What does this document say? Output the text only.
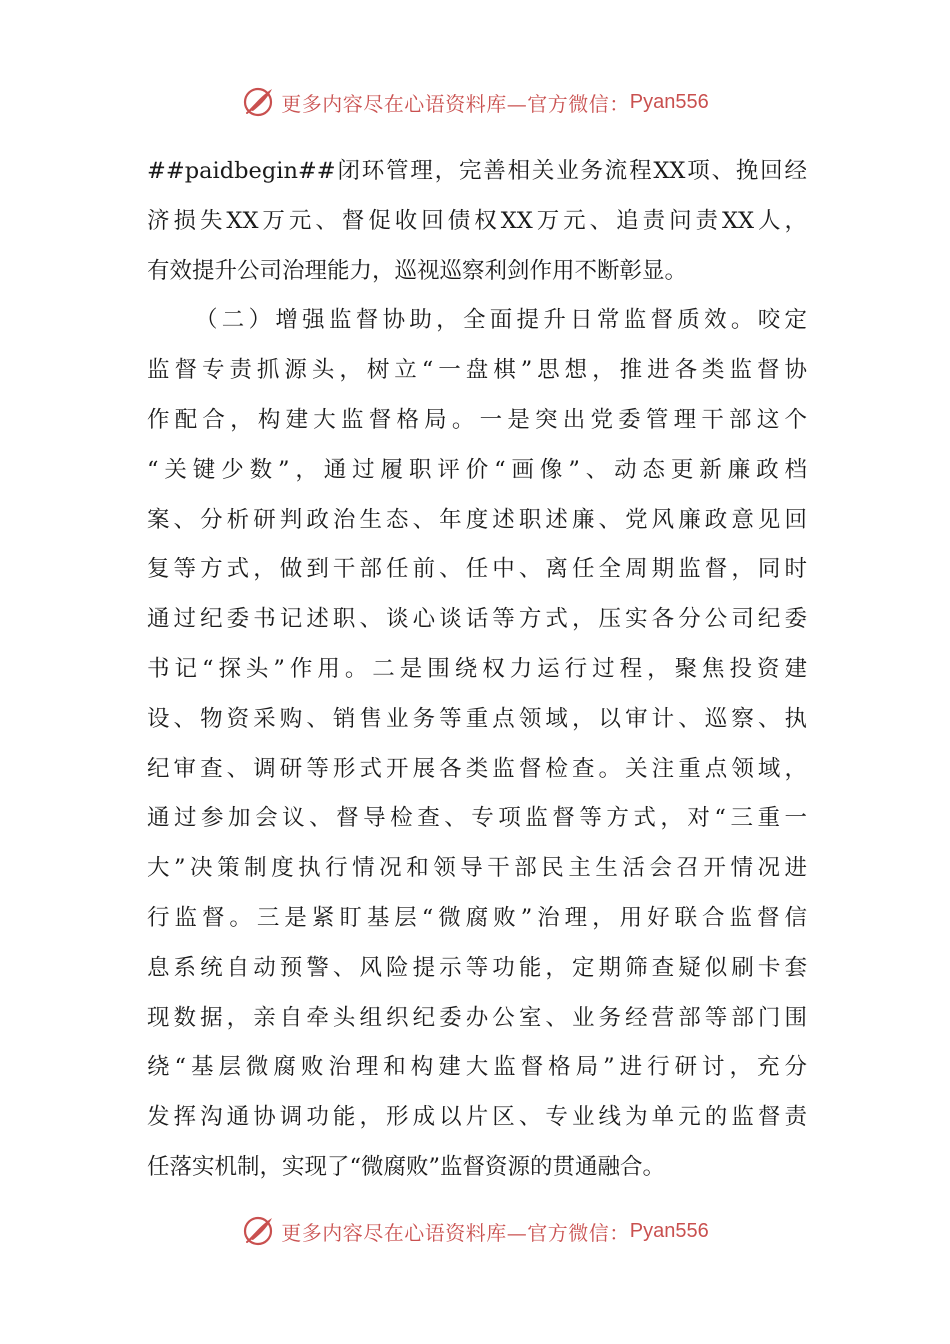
更多内容尽在心语资料库—官方微信： Pyan556
##paidbegin##闭环管理，完善相关业务流程XX项、挽回经
济损失XX万元、督促收回债权XX万元、追责问责XX人，
有效提升公司治理能力，巡视巡察利剑作用不断彰显。
（二）增强监督协助，全面提升日常监督质效。咬定
监督专责抓源头，树立“一盘棋”思想，推进各类监督协
作配合，构建大监督格局。一是突出党委管理干部这个
“关键少数”，通过履职评价“画像”、动态更新廉政档
案、分析研判政治生态、年度述职述廉、党风廉政意见回
复等方式，做到干部任前、任中、离任全周期监督，同时
通过纪委书记述职、谈心谈话等方式，压实各分公司纪委
书记“探头”作用。二是围绕权力运行过程，聚焦投资建
设、物资采购、销售业务等重点领域，以审计、巡察、执
纪审查、调研等形式开展各类监督检查。关注重点领域，
通过参加会议、督导检查、专项监督等方式，对“三重一
大”决策制度执行情况和领导干部民主生活会召开情况进
行监督。三是紧盯基层“微腐败”治理，用好联合监督信
息系统自动预警、风险提示等功能，定期筛查疑似刷卡套
现数据，亲自牵头组织纪委办公室、业务经营部等部门围
绕“基层微腐败治理和构建大监督格局”进行研讨，充分
发挥沟通协调功能，形成以片区、专业线为单元的监督责
任落实机制，实现了“微腐败”监督资源的贯通融合。
更多内容尽在心语资料库—官方微信： Pyan556
